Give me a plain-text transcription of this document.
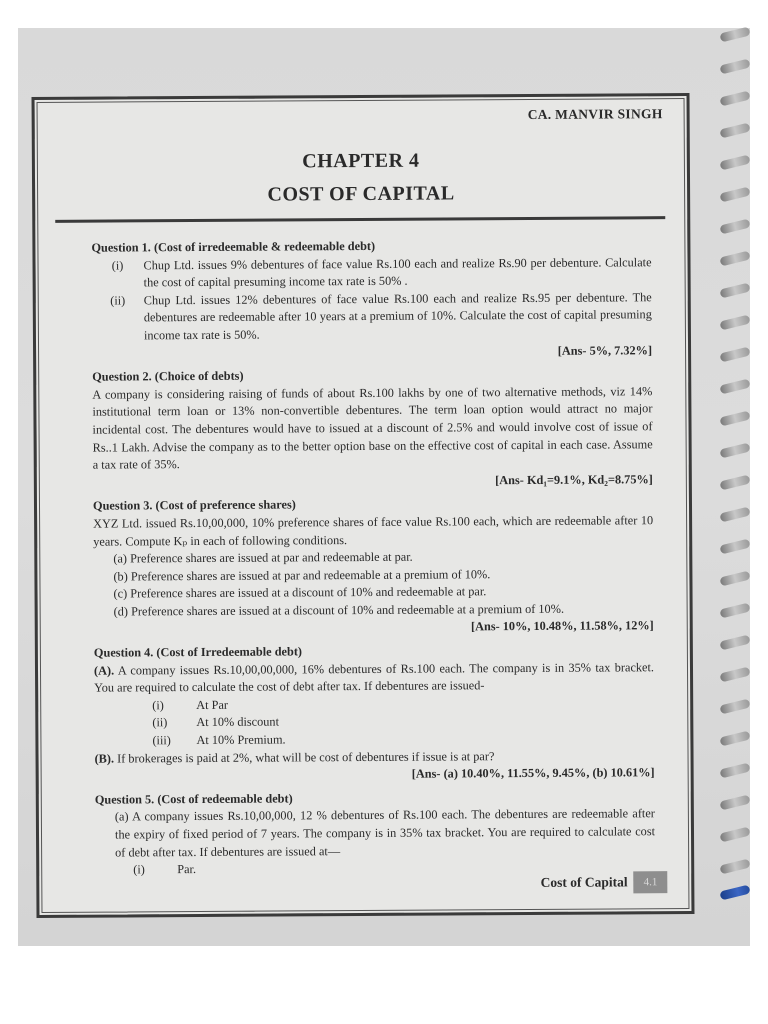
CA. MANVIR SINGH
CHAPTER 4
COST OF CAPITAL
Question 1. (Cost of irredeemable & redeemable debt)
(i)	Chup Ltd. issues 9% debentures of face value Rs.100 each and realize Rs.90 per debenture. Calculate the cost of capital presuming income tax rate is 50% .
(ii)	Chup Ltd. issues 12% debentures of face value Rs.100 each and realize Rs.95 per debenture. The debentures are redeemable after 10 years at a premium of 10%. Calculate the cost of capital presuming income tax rate is 50%.
[Ans- 5%, 7.32%]
Question 2. (Choice of debts)
A company is considering raising of funds of about Rs.100 lakhs by one of two alternative methods, viz 14% institutional term loan or 13% non-convertible debentures. The term loan option would attract no major incidental cost. The debentures would have to issued at a discount of 2.5% and would involve cost of issue of Rs..1 Lakh. Advise the company as to the better option base on the effective cost of capital in each case. Assume a tax rate of 35%.
[Ans- Kd₁=9.1%, Kd₂=8.75%]
Question 3. (Cost of preference shares)
XYZ Ltd. issued Rs.10,00,000, 10% preference shares of face value Rs.100 each, which are redeemable after 10 years. Compute Kₚ in each of following conditions.
(a) Preference shares are issued at par and redeemable at par.
(b) Preference shares are issued at par and redeemable at a premium of 10%.
(c) Preference shares are issued at a discount of 10% and redeemable at par.
(d) Preference shares are issued at a discount of 10% and redeemable at a premium of 10%.
[Ans- 10%, 10.48%, 11.58%, 12%]
Question 4. (Cost of Irredeemable debt)
(A). A company issues Rs.10,00,00,000, 16% debentures of Rs.100 each. The company is in 35% tax bracket. You are required to calculate the cost of debt after tax. If debentures are issued-
(i)	At Par
(ii)	At 10% discount
(iii)	At 10% Premium.
(B). If brokerages is paid at 2%, what will be cost of debentures if issue is at par?
[Ans- (a) 10.40%, 11.55%, 9.45%, (b) 10.61%]
Question 5. (Cost of redeemable debt)
(a) A company issues Rs.10,00,000, 12 % debentures of Rs.100 each. The debentures are redeemable after the expiry of fixed period of 7 years. The company is in 35% tax bracket. You are required to calculate cost of debt after tax. If debentures are issued at—
(i)	Par.
Cost of Capital	4.1
